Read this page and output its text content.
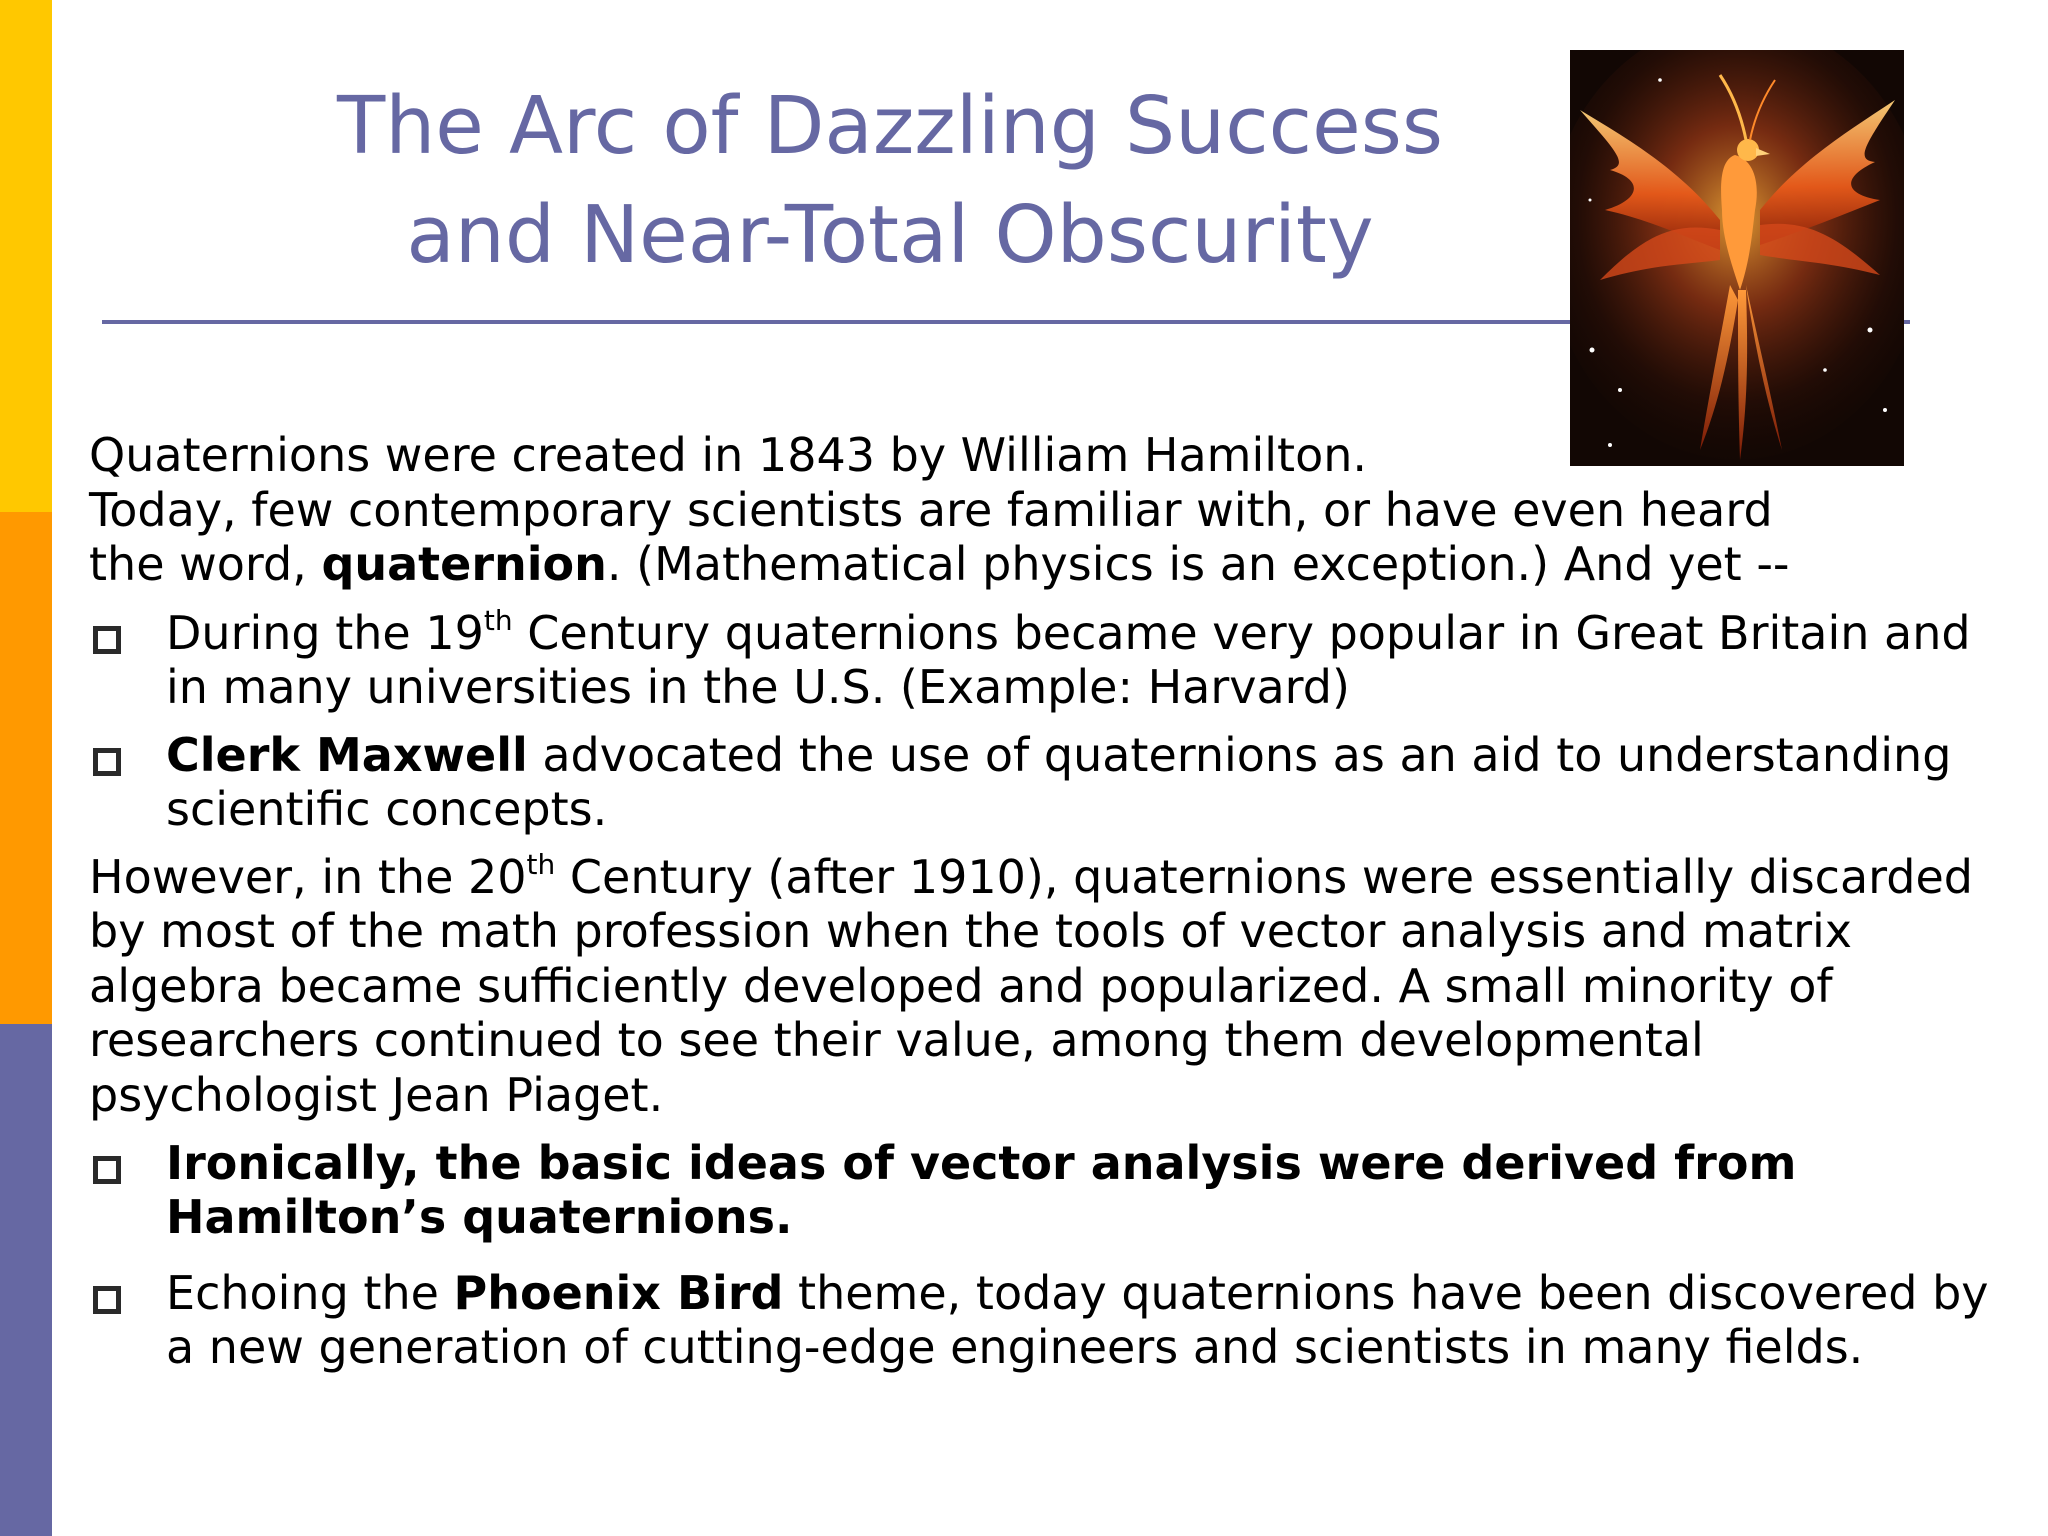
The Arc of Dazzling Success
and Near-Total Obscurity

Quaternions were created in 1843 by William Hamilton.
Today, few contemporary scientists are familiar with, or have even heard
the word, quaternion. (Mathematical physics is an exception.) And yet --

During the 19th Century quaternions became very popular in Great Britain and in many universities in the U.S. (Example: Harvard)

Clerk Maxwell advocated the use of quaternions as an aid to understanding scientific concepts.

However, in the 20th Century (after 1910), quaternions were essentially discarded
by most of the math profession when the tools of vector analysis and matrix
algebra became sufficiently developed and popularized. A small minority of
researchers continued to see their value, among them developmental
psychologist Jean Piaget.

Ironically, the basic ideas of vector analysis were derived from Hamilton’s quaternions.

Echoing the Phoenix Bird theme, today quaternions have been discovered by a new generation of cutting-edge engineers and scientists in many fields.
